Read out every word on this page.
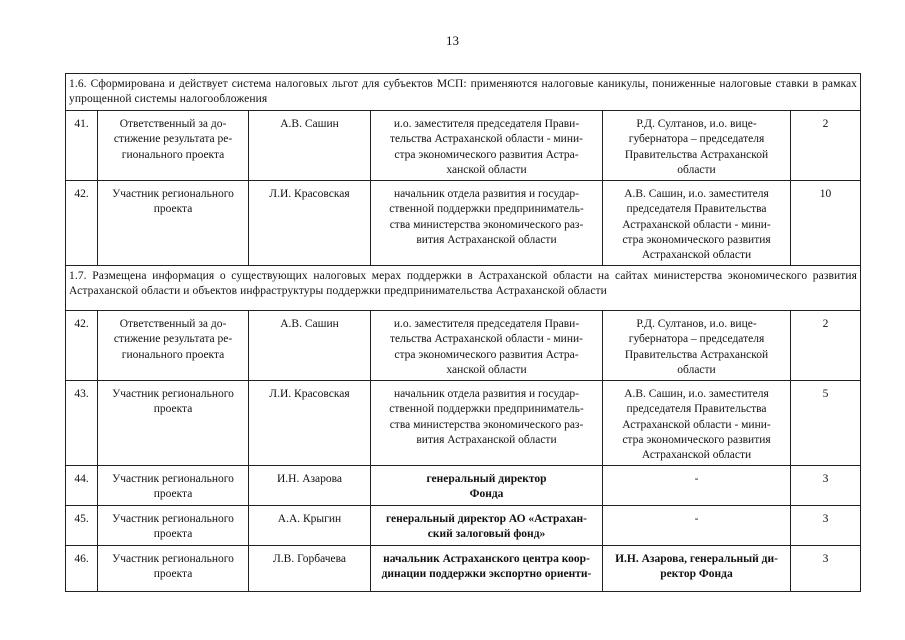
13
1.6. Сформирована и действует система налоговых льгот для субъектов МСП: применяются налоговые каникулы, пониженные налоговые ставки в рамках упрощенной системы налогообложения					
41.	Ответственный за до-
стижение результата ре-
гионального проекта	А.В. Сашин	и.о. заместителя председателя Прави-
тельства Астраханской области - мини-
стра экономического развития Астра-
ханской области	Р.Д. Султанов, и.о. вице-
губернатора – председателя
Правительства Астраханской
области	2
42.	Участник регионального
проекта	Л.И. Красовская	начальник отдела развития и государ-
ственной поддержки предприниматель-
ства министерства экономического раз-
вития Астраханской области	А.В. Сашин, и.о. заместителя
председателя Правительства
Астраханской области - мини-
стра экономического развития
Астраханской области	10
1.7. Размещена информация о существующих налоговых мерах поддержки в Астраханской области на сайтах министерства экономического развития Астраханской области и объектов инфраструктуры поддержки предпринимательства Астраханской области					
42.	Ответственный за до-
стижение результата ре-
гионального проекта	А.В. Сашин	и.о. заместителя председателя Прави-
тельства Астраханской области - мини-
стра экономического развития Астра-
ханской области	Р.Д. Султанов, и.о. вице-
губернатора – председателя
Правительства Астраханской
области	2
43.	Участник регионального
проекта	Л.И. Красовская	начальник отдела развития и государ-
ственной поддержки предприниматель-
ства министерства экономического раз-
вития Астраханской области	А.В. Сашин, и.о. заместителя
председателя Правительства
Астраханской области - мини-
стра экономического развития
Астраханской области	5
44.	Участник регионального
проекта	И.Н. Азарова	генеральный директор
Фонда	-	3
45.	Участник регионального
проекта	А.А. Крыгин	генеральный директор АО «Астрахан-
ский залоговый фонд»	-	3
46.	Участник регионального
проекта	Л.В. Горбачева	начальник Астраханского центра коор-
динации поддержки экспортно ориенти-	И.Н. Азарова, генеральный ди-
ректор Фонда	3
